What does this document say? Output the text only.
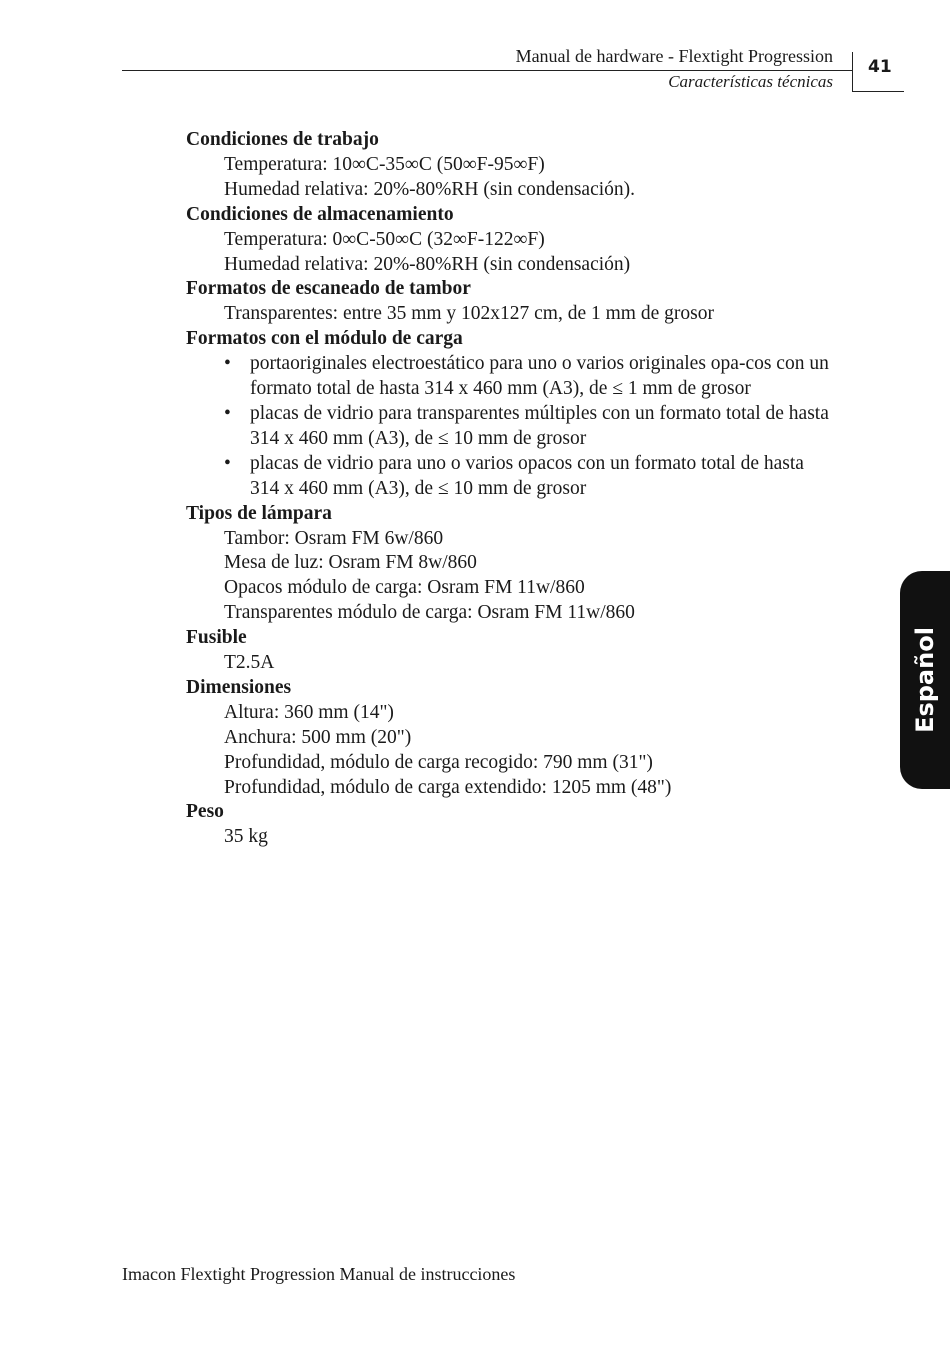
Manual de hardware - Flextight Progression
Características técnicas
41
Español
Condiciones de trabajo
Temperatura: 10∞C-35∞C (50∞F-95∞F)
Humedad relativa: 20%-80%RH (sin condensación).
Condiciones de almacenamiento
Temperatura: 0∞C-50∞C (32∞F-122∞F)
Humedad relativa: 20%-80%RH (sin condensación)
Formatos de escaneado de tambor
Transparentes: entre 35 mm y 102x127 cm, de 1 mm de grosor
Formatos con el módulo de carga
• portaoriginales electroestático para uno o varios originales opa-cos con un formato total de hasta 314 x 460 mm (A3), de ≤ 1 mm de grosor
• placas de vidrio para transparentes múltiples con un formato total de hasta 314 x 460 mm (A3), de ≤ 10 mm de grosor
• placas de vidrio para uno o varios opacos con un formato total de hasta 314 x 460 mm (A3), de ≤ 10 mm de grosor
Tipos de lámpara
Tambor: Osram FM 6w/860
Mesa de luz: Osram FM 8w/860
Opacos módulo de carga: Osram FM 11w/860
Transparentes módulo de carga: Osram FM 11w/860
Fusible
T2.5A
Dimensiones
Altura: 360 mm (14")
Anchura: 500 mm (20")
Profundidad, módulo de carga recogido: 790 mm (31")
Profundidad, módulo de carga extendido: 1205 mm (48")
Peso
35 kg
Imacon Flextight Progression Manual de instrucciones
